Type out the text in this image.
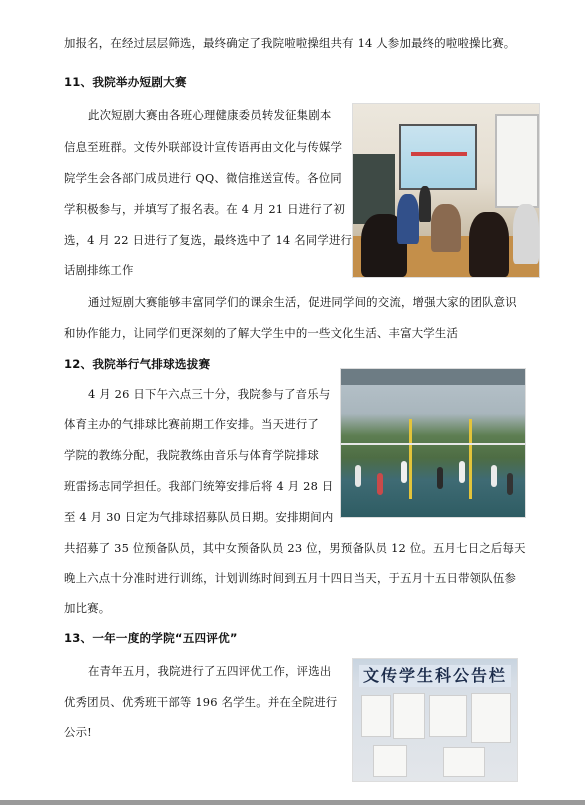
加报名，在经过层层筛选，最终确定了我院啦啦操组共有 14 人参加最终的啦啦操比赛。
11、我院举办短剧大赛
此次短剧大赛由各班心理健康委员转发征集剧本
信息至班群。文传外联部设计宣传语再由文化与传媒学
院学生会各部门成员进行 QQ、微信推送宣传。各位同
学积极参与，并填写了报名表。在 4 月 21 日进行了初
选，4 月 22 日进行了复选，最终选中了 14 名同学进行
话剧排练工作
通过短剧大赛能够丰富同学们的课余生活，促进同学间的交流，增强大家的团队意识
和协作能力，让同学们更深刻的了解大学生中的一些文化生活、丰富大学生活
12、我院举行气排球选拔赛
4 月 26 日下午六点三十分，我院参与了音乐与
体育主办的气排球比赛前期工作安排。当天进行了
学院的教练分配，我院教练由音乐与体育学院排球
班雷扬志同学担任。我部门统筹安排后将 4 月 28 日
至 4 月 30 日定为气排球招募队员日期。安排期间内
共招募了 35 位预备队员，其中女预备队员 23 位，男预备队员 12 位。五月七日之后每天
晚上六点十分准时进行训练，计划训练时间到五月十四日当天，于五月十五日带领队伍参
加比赛。
13、一年一度的学院“五四评优”
在青年五月，我院进行了五四评优工作，评选出
优秀团员、优秀班干部等 196 名学生。并在全院进行
公示!
文传学生科公告栏
